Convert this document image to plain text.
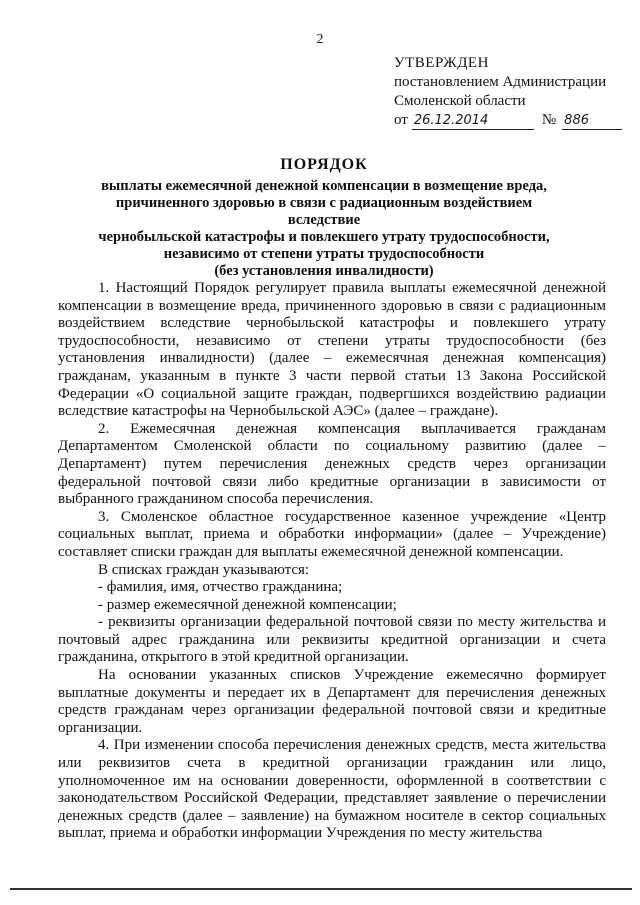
2
УТВЕРЖДЕН
постановлением Администрации
Смоленской области
от 26.12.2014	№ 886
ПОРЯДОК
выплаты ежемесячной денежной компенсации в возмещение вреда,
причиненного здоровью в связи с радиационным воздействием вследствие
чернобыльской катастрофы и повлекшего утрату трудоспособности,
независимо от степени утраты трудоспособности
(без установления инвалидности)

1. Настоящий Порядок регулирует правила выплаты ежемесячной денежной компенсации в возмещение вреда, причиненного здоровью в связи с радиационным воздействием вследствие чернобыльской катастрофы и повлекшего утрату трудоспособности, независимо от степени утраты трудоспособности (без установления инвалидности) (далее – ежемесячная денежная компенсация) гражданам, указанным в пункте 3 части первой статьи 13 Закона Российской Федерации «О социальной защите граждан, подвергшихся воздействию радиации вследствие катастрофы на Чернобыльской АЭС» (далее – граждане).

2. Ежемесячная денежная компенсация выплачивается гражданам Департаментом Смоленской области по социальному развитию (далее – Департамент) путем перечисления денежных средств через организации федеральной почтовой связи либо кредитные организации в зависимости от выбранного гражданином способа перечисления.

3. Смоленское областное государственное казенное учреждение «Центр социальных выплат, приема и обработки информации» (далее – Учреждение) составляет списки граждан для выплаты ежемесячной денежной компенсации.

В списках граждан указываются:

- фамилия, имя, отчество гражданина;

- размер ежемесячной денежной компенсации;

- реквизиты организации федеральной почтовой связи по месту жительства и почтовый адрес гражданина или реквизиты кредитной организации и счета гражданина, открытого в этой кредитной организации.

На основании указанных списков Учреждение ежемесячно формирует выплатные документы и передает их в Департамент для перечисления денежных средств гражданам через организации федеральной почтовой связи и кредитные организации.

4. При изменении способа перечисления денежных средств, места жительства или реквизитов счета в кредитной организации гражданин или лицо, уполномоченное им на основании доверенности, оформленной в соответствии с законодательством Российской Федерации, представляет заявление о перечислении денежных средств (далее – заявление) на бумажном носителе в сектор социальных выплат, приема и обработки информации Учреждения по месту жительства
